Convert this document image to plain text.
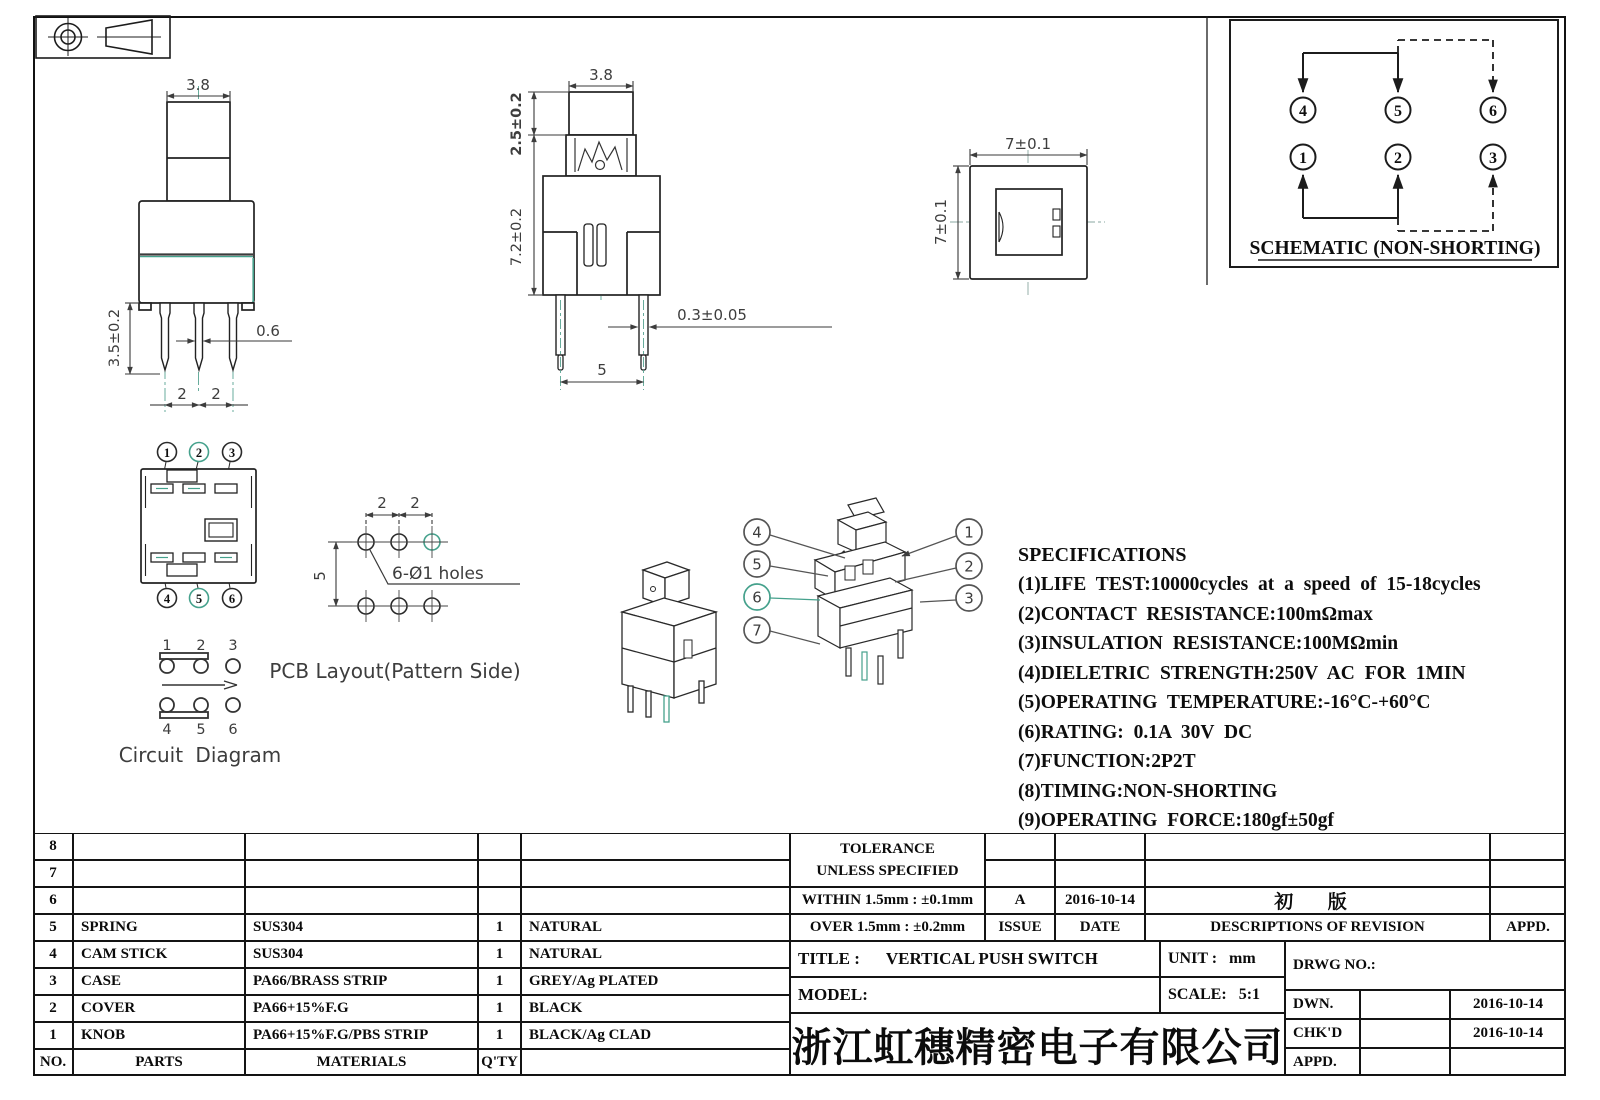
3.8
3.5±0.2	0.6
2 2
3.8
2.5±0.2
7.2±0.2
0.3±0.05
5
7±0.1
7±0.1
4	5	6
1	2	3
SCHEMATIC (NON-SHORTING)
1 2 3
4 5 6
1 2 3
4 5 6
Circuit Diagram
2 2
5	6-Ø1 holes
PCB Layout(Pattern Side)
4
5
6
7
1
2
3

SPECIFICATIONS

(1)LIFE TEST:10000cycles at a speed of 15-18cycles

(2)CONTACT RESISTANCE:100mΩmax

(3)INSULATION RESISTANCE:100MΩmin

(4)DIELETRIC STRENGTH:250V AC FOR 1MIN

(5)OPERATING TEMPERATURE:-16°C-+60°C

(6)RATING: 0.1A 30V DC

(7)FUNCTION:2P2T

(8)TIMING:NON-SHORTING

(9)OPERATING FORCE:180gf±50gf

8
7
6
5	SPRING	SUS304	1	NATURAL
4	CAM STICK	SUS304	1	NATURAL
3	CASE	PA66/BRASS STRIP	1	GREY/Ag PLATED
2	COVER	PA66+15%F.G	1	BLACK
1	KNOB	PA66+15%F.G/PBS STRIP	1	BLACK/Ag CLAD
NO.	PARTS	MATERIALS	Q'TY
TOLERANCE
UNLESS SPECIFIED
WITHIN 1.5mm : ±0.1mm	A	2016-10-14	初 版
OVER 1.5mm : ±0.2mm	ISSUE	DATE	DESCRIPTIONS OF REVISION	APPD.
TITLE : VERTICAL PUSH SWITCH	UNIT : mm	DRWG NO.:
MODEL:	SCALE: 5:1
浙江虹穗精密电子有限公司
DWN.	2016-10-14
CHK'D	2016-10-14
APPD.
